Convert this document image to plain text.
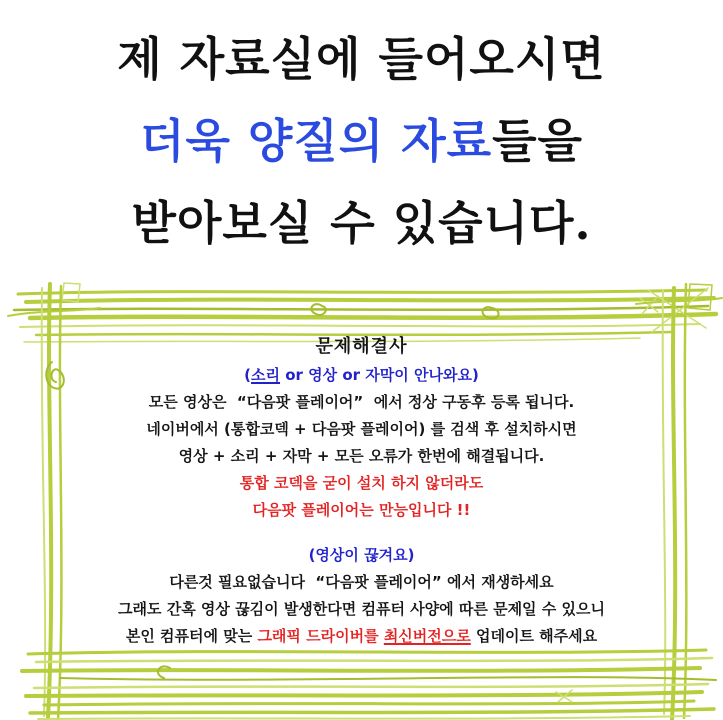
제 자료실에 들어오시면
더욱 양질의 자료들을
받아보실 수 있습니다.
문제해결사
(소리 or 영상 or 자막이 안나와요)
모든 영상은  “다음팟 플레이어”  에서 정상 구동후 등록 됩니다.
네이버에서 (통합코덱 + 다음팟 플레이어) 를 검색 후 설치하시면
영상 + 소리 + 자막 + 모든 오류가 한번에 해결됩니다.
통합 코덱을 굳이 설치 하지 않더라도
다음팟 플레이어는 만능입니다 !!
(영상이 끊겨요)
다른것 필요없습니다  “다음팟 플레이어” 에서 재생하세요
그래도 간혹 영상 끊김이 발생한다면 컴퓨터 사양에 따른 문제일 수 있으니
본인 컴퓨터에 맞는 그래픽 드라이버를 최신버전으로 업데이트 해주세요
